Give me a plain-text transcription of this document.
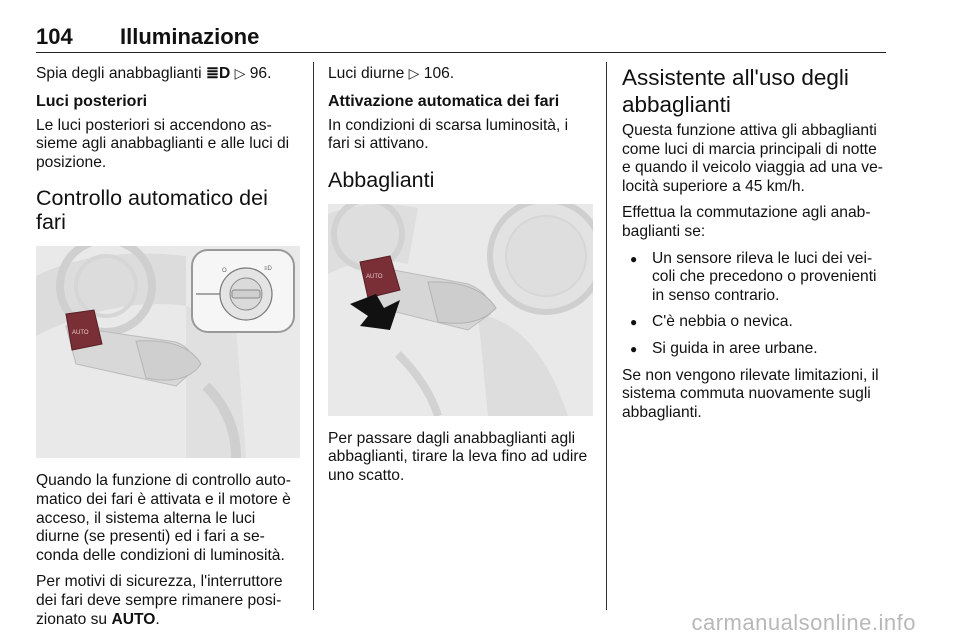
104 Illuminazione

Spia degli anabbaglianti ≣D ▷ 96.

Luci posteriori

Le luci posteriori si accendono assieme agli anabbaglianti e alle luci di posizione.

Controllo automatico dei fari
AUTO
O	≡D

Quando la funzione di controllo automatico dei fari è attivata e il motore è acceso, il sistema alterna le luci diurne (se presenti) ed i fari a seconda delle condizioni di luminosità.

Per motivi di sicurezza, l'interruttore dei fari deve sempre rimanere posizionato su AUTO.

Luci diurne ▷ 106.

Attivazione automatica dei fari

In condizioni di scarsa luminosità, i fari si attivano.

Abbaglianti
AUTO

Per passare dagli anabbaglianti agli abbaglianti, tirare la leva fino ad udire uno scatto.

Assistente all'uso degli abbaglianti

Questa funzione attiva gli abbaglianti come luci di marcia principali di notte e quando il veicolo viaggia ad una velocità superiore a 45 km/h.

Effettua la commutazione agli anabbaglianti se:

● Un sensore rileva le luci dei veicoli che precedono o provenienti in senso contrario.
● C'è nebbia o nevica.
● Si guida in aree urbane.

Se non vengono rilevate limitazioni, il sistema commuta nuovamente sugli abbaglianti.

carmanualsonline.info
